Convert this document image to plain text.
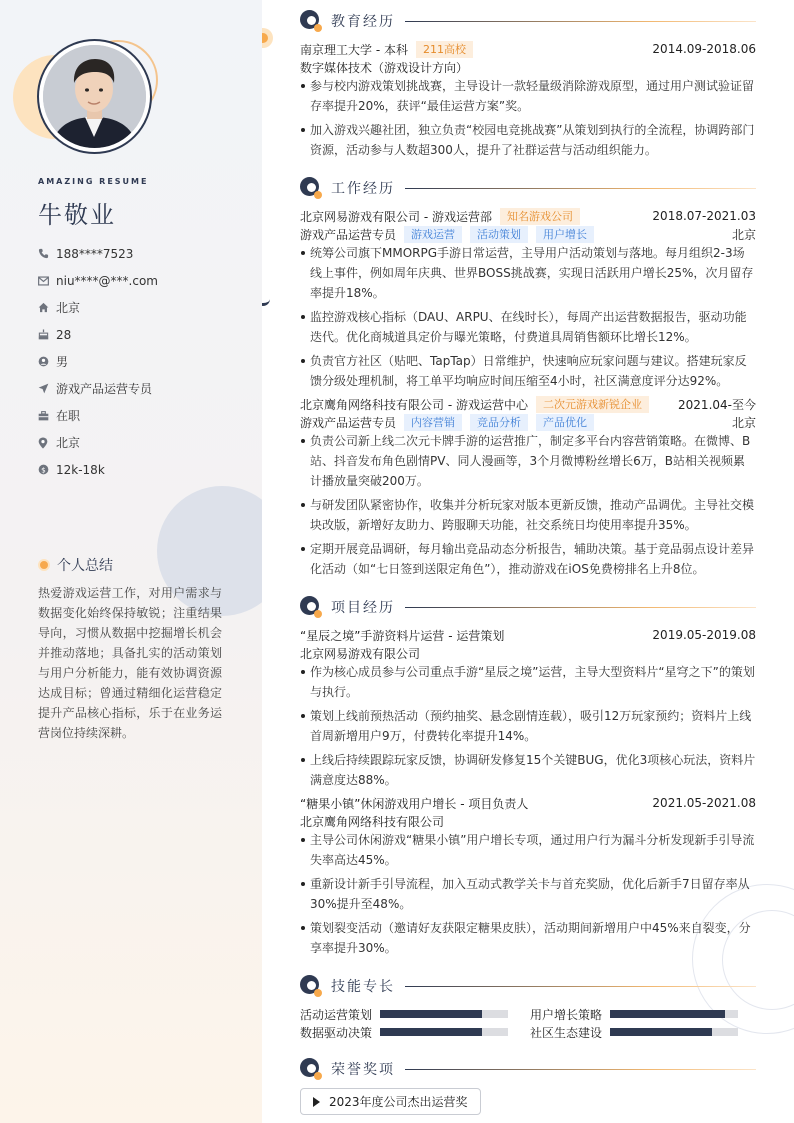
AMAZING RESUME
牛敬业
188****7523
niu****@***.com
北京
28
男
游戏产品运营专员
在职
北京
$ 12k-18k
个人总结

热爱游戏运营工作，对用户需求与数据变化始终保持敏锐；注重结果导向，习惯从数据中挖掘增长机会并推动落地；具备扎实的活动策划与用户分析能力，能有效协调资源达成目标；曾通过精细化运营稳定提升产品核心指标，乐于在业务运营岗位持续深耕。

教育经历
南京理工大学 - 本科	211高校	2014.09-2018.06
数字媒体技术（游戏设计方向）
参与校内游戏策划挑战赛，主导设计一款轻量级消除游戏原型，通过用户测试验证留存率提升20%，获评“最佳运营方案”奖。
加入游戏兴趣社团，独立负责“校园电竞挑战赛”从策划到执行的全流程，协调跨部门资源，活动参与人数超300人，提升了社群运营与活动组织能力。
工作经历
北京网易游戏有限公司 - 游戏运营部	知名游戏公司	2018.07-2021.03
游戏产品运营专员	游戏运营	活动策划	用户增长	北京
统筹公司旗下MMORPG手游日常运营，主导用户活动策划与落地。每月组织2-3场线上事件，例如周年庆典、世界BOSS挑战赛，实现日活跃用户增长25%，次月留存率提升18%。
监控游戏核心指标（DAU、ARPU、在线时长），每周产出运营数据报告，驱动功能迭代。优化商城道具定价与曝光策略，付费道具周销售额环比增长12%。
负责官方社区（贴吧、TapTap）日常维护，快速响应玩家问题与建议。搭建玩家反馈分级处理机制，将工单平均响应时间压缩至4小时，社区满意度评分达92%。
北京鹰角网络科技有限公司 - 游戏运营中心	二次元游戏新锐企业	2021.04-至今
游戏产品运营专员	内容营销	竞品分析	产品优化	北京
负责公司新上线二次元卡牌手游的运营推广，制定多平台内容营销策略。在微博、B站、抖音发布角色剧情PV、同人漫画等，3个月微博粉丝增长6万，B站相关视频累计播放量突破200万。
与研发团队紧密协作，收集并分析玩家对版本更新反馈，推动产品调优。主导社交模块改版，新增好友助力、跨服聊天功能，社交系统日均使用率提升35%。
定期开展竞品调研，每月输出竞品动态分析报告，辅助决策。基于竞品弱点设计差异化活动（如“七日签到送限定角色”），推动游戏在iOS免费榜排名上升8位。
项目经历
“星辰之境”手游资料片运营 - 运营策划	2019.05-2019.08
北京网易游戏有限公司
作为核心成员参与公司重点手游“星辰之境”运营，主导大型资料片“星穹之下”的策划与执行。
策划上线前预热活动（预约抽奖、悬念剧情连载），吸引12万玩家预约；资料片上线首周新增用户9万，付费转化率提升14%。
上线后持续跟踪玩家反馈，协调研发修复15个关键BUG，优化3项核心玩法，资料片满意度达88%。
“糖果小镇”休闲游戏用户增长 - 项目负责人	2021.05-2021.08
北京鹰角网络科技有限公司
主导公司休闲游戏“糖果小镇”用户增长专项，通过用户行为漏斗分析发现新手引导流失率高达45%。
重新设计新手引导流程，加入互动式教学关卡与首充奖励，优化后新手7日留存率从30%提升至48%。
策划裂变活动（邀请好友获限定糖果皮肤），活动期间新增用户中45%来自裂变，分享率提升30%。
技能专长
活动运营策划	用户增长策略
数据驱动决策	社区生态建设
荣誉奖项
2023年度公司杰出运营奖
